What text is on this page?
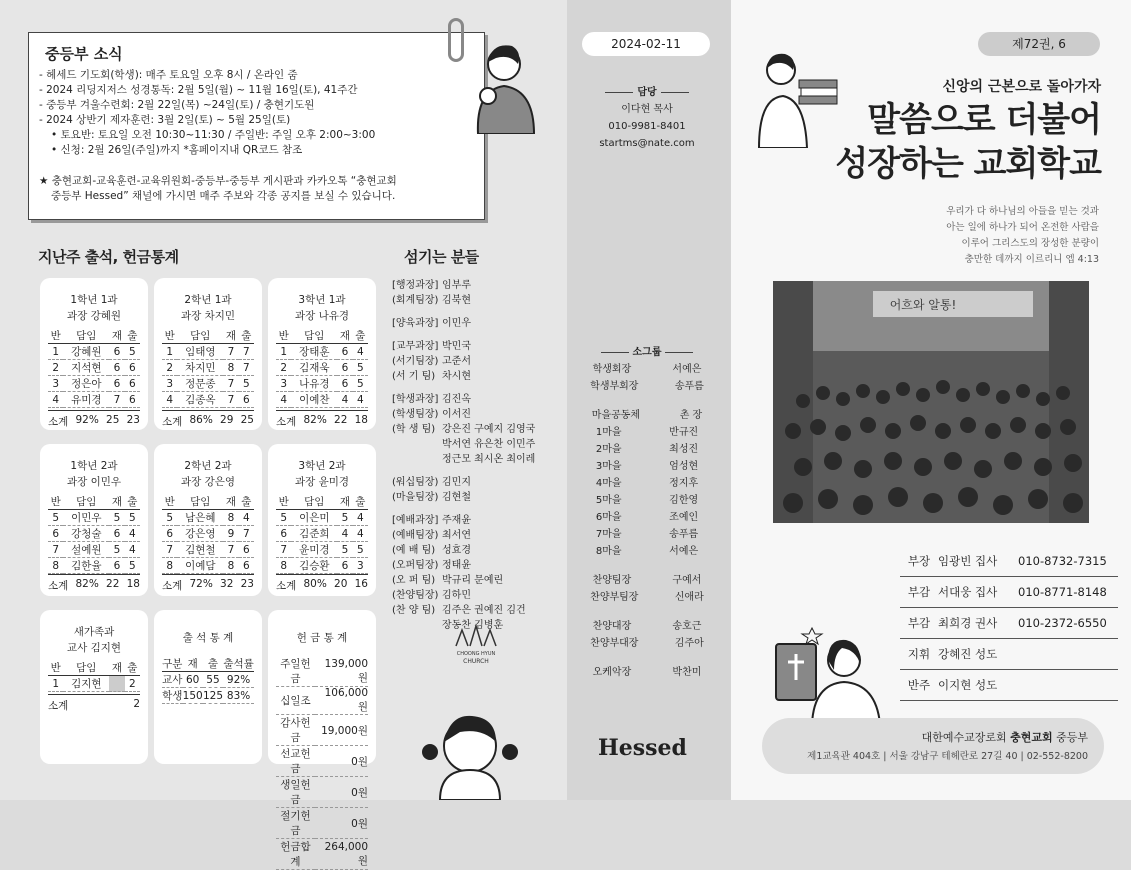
중등부 소식
- 헤세드 기도회(학생): 매주 토요일 오후 8시 / 온라인 줌
- 2024 리딩지저스 성경통독: 2월 5일(월) ~ 11월 16일(토), 41주간
- 중등부 겨울수련회: 2월 22일(목) ~24일(토) / 충현기도원
- 2024 상반기 제자훈련: 3월 2일(토) ~ 5월 25일(토)
• 토요반: 토요일 오전 10:30~11:30 / 주일반: 주일 오후 2:00~3:00
• 신청: 2월 26일(주일)까지 *홈페이지내 QR코드 참조
★ 충현교회-교육훈련-교육위원회-중등부-중등부 게시판과 카카오톡 “충현교회
중등부 Hessed” 채널에 가시면 매주 주보와 각종 공지를 보실 수 있습니다.
지난주 출석, 헌금통계	섬기는 분들
1학년 1과
과장 강혜원
반	담임	재	출
1	강혜원	6	5
2	지석현	6	6
3	정은아	6	6
4	유미경	7	6
소계 92% 25 23
2학년 1과
과장 차지민
반	담임	재	출
1	임태영	7	7
2	차지민	8	7
3	정문종	7	5
4	김종옥	7	6
소계 86% 29 25
3학년 1과
과장 나유경
반	담임	재	출
1	장태훈	6	4
2	김재욱	6	5
3	나유경	6	5
4	이예찬	4	4
소계 82% 22 18
1학년 2과
과장 이민우
반	담임	재	출
5	이민우	5	5
6	강청술	6	4
7	설예원	5	4
8	김한율	6	5
소계 82% 22 18
2학년 2과
과장 강은영
반	담임	재	출
5	남은혜	8	4
6	강은영	9	7
7	김현철	7	6
8	이예담	8	6
소계 72% 32 23
3학년 2과
과장 윤미경
반	담임	재	출
5	이은미	5	4
6	김준희	4	4
7	윤미경	5	5
8	김승환	6	3
소계 80% 20 16
새가족과
교사 김지현
반	담임	재	출
1	김지현		2
소계	2
출 석 통 계
구분	재	출	출석률
교사	60	55	92%
학생	150	125	83%
헌 금 통 계
주일헌금	139,000원
십일조	106,000원
감사헌금	19,000원
선교헌금	0원
생일헌금	0원
절기헌금	0원
헌금합계	264,000원
[행정과장] 임부루
(회계팀장) 김북현
[양육과장] 이민우
[교무과장] 박민국
(서기팀장) 고준서
(서 기 팀) 차시현
[학생과장] 김진옥
(학생팀장) 이서진
(학 생 팀) 강은진 구예지 김영국
박서연 유은찬 이민주
정근모 최시온 최이레
(워십팀장) 김민지
(마을팀장) 김현철
[예배과장] 주재윤
(예배팀장) 최서연
(예 배 팀) 성효경
(오퍼팀장) 정태윤
(오 퍼 팀) 박규리 문예린
(찬양팀장) 김하민
(찬 양 팀) 김주은 권예진 김건
장동찬 김병훈
CHOONG HYUN
CHURCH
2024-02-11
담당
이다현 목사
010-9981-8401
startms@nate.com
소그룹
학생회장	서예은
학생부회장	송푸름
마을공동체	촌 장
1마을	반규진
2마을	최성진
3마을	엄성현
4마을	정지후
5마을	김한영
6마을	조예인
7마을	송푸름
8마을	서예은
찬양팀장	구예서
찬양부팀장	신애라
찬양대장	송호근
찬양부대장	김주아
오케악장	박찬미
Hessed
제72권, 6
신앙의 근본으로 돌아가자
말씀으로 더불어
성장하는 교회학교
우리가 다 하나님의 아들을 믿는 것과
아는 일에 하나가 되어 온전한 사람을
이루어 그리스도의 장성한 분량이
충만한 데까지 이르리니 엡 4:13
어흐와 알통!
부장 임광빈 집사	010-8732-7315
부감 서대웅 집사	010-8771-8148
부감 최희경 권사	010-2372-6550
지휘 강혜진 성도
반주 이지현 성도
대한예수교장로회 충현교회 중등부
제1교육관 404호 | 서울 강남구 테헤란로 27길 40 | 02-552-8200
